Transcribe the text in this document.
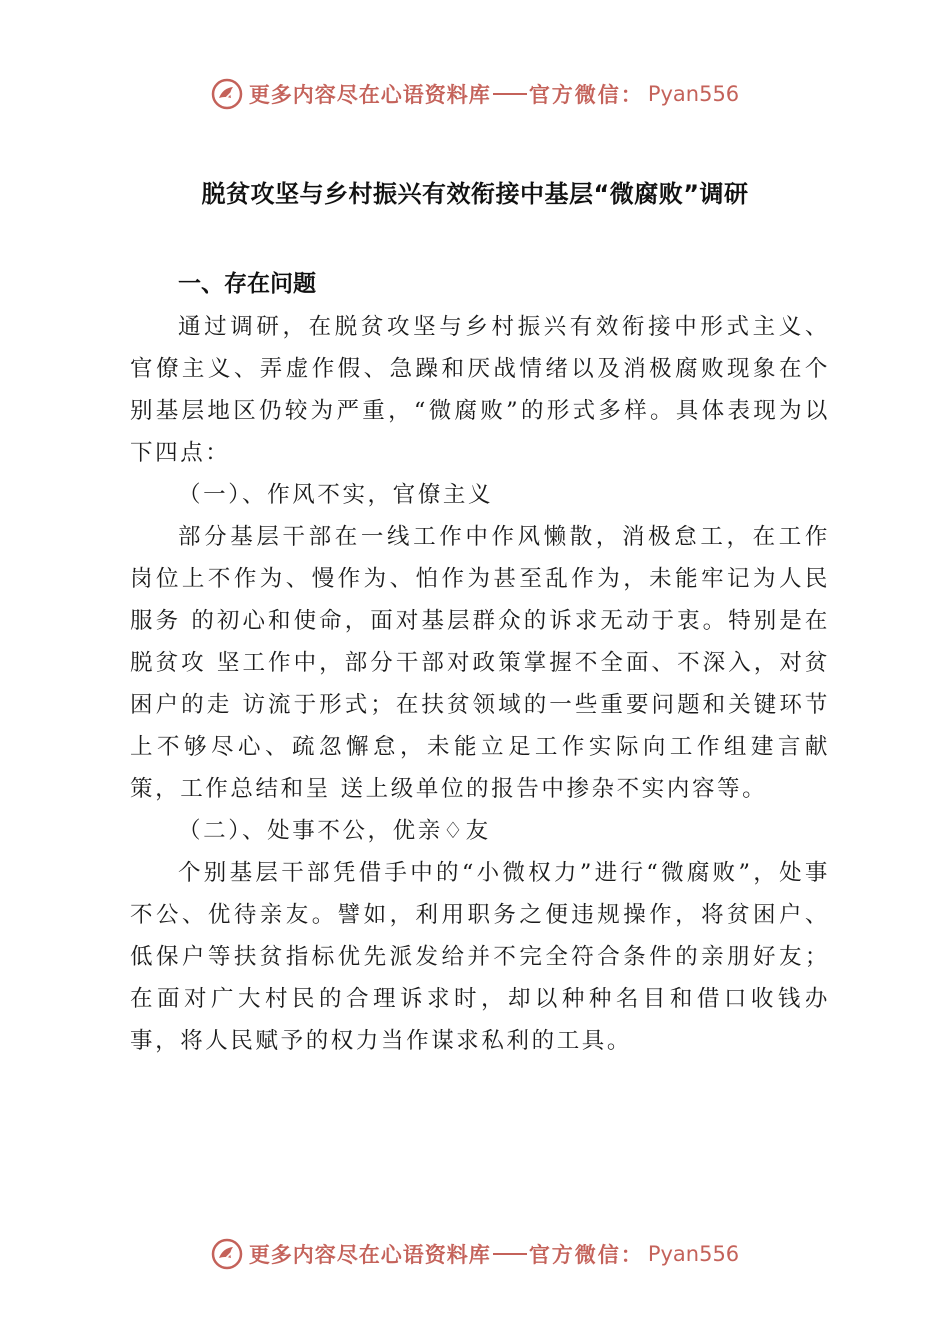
更多内容尽在心语资料库 官方微信： Pyan556
脱贫攻坚与乡村振兴有效衔接中基层“微腐败”调研
一、存在问题

通过调研，在脱贫攻坚与乡村振兴有效衔接中形式主义、官僚主义、弄虚作假、急躁和厌战情绪以及消极腐败现象在个别基层地区仍较为严重，“微腐败”的形式多样。具体表现为以下四点：

（一）、作风不实，官僚主义

部分基层干部在一线工作中作风懒散，消极怠工，在工作岗位上不作为、慢作为、怕作为甚至乱作为，未能牢记为人民服务 的初心和使命，面对基层群众的诉求无动于衷。特别是在脱贫攻 坚工作中，部分干部对政策掌握不全面、不深入，对贫困户的走 访流于形式；在扶贫领域的一些重要问题和关键环节上不够尽心、疏忽懈怠，未能立足工作实际向工作组建言献策，工作总结和呈 送上级单位的报告中掺杂不实内容等。

（二）、处事不公，优亲♢友

个别基层干部凭借手中的“小微权力”进行“微腐败”，处事不公、优待亲友。譬如，利用职务之便违规操作，将贫困户、低保户等扶贫指标优先派发给并不完全符合条件的亲朋好友；在面对广大村民的合理诉求时，却以种种名目和借口收钱办事，将人民赋予的权力当作谋求私利的工具。

更多内容尽在心语资料库 官方微信： Pyan556
